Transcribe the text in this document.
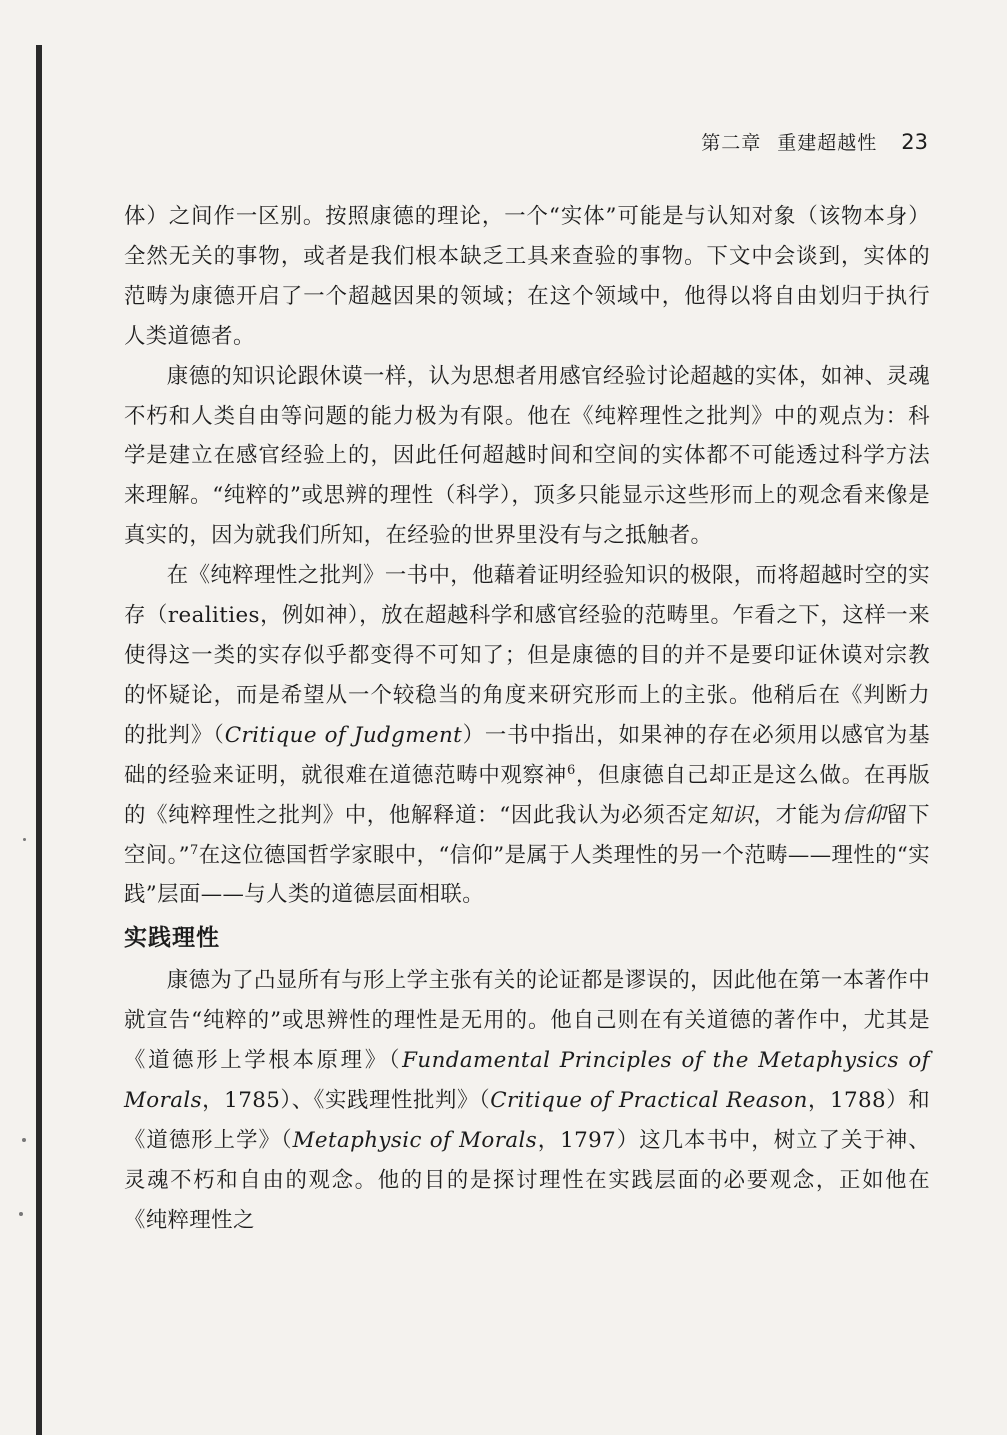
第二章 重建超越性 23

体）之间作一区别。按照康德的理论，一个“实体”可能是与认知对象（该物本身）全然无关的事物，或者是我们根本缺乏工具来查验的事物。下文中会谈到，实体的范畴为康德开启了一个超越因果的领域；在这个领域中，他得以将自由划归于执行人类道德者。

康德的知识论跟休谟一样，认为思想者用感官经验讨论超越的实体，如神、灵魂不朽和人类自由等问题的能力极为有限。他在《纯粹理性之批判》中的观点为：科学是建立在感官经验上的，因此任何超越时间和空间的实体都不可能透过科学方法来理解。“纯粹的”或思辨的理性（科学），顶多只能显示这些形而上的观念看来像是真实的，因为就我们所知，在经验的世界里没有与之抵触者。

在《纯粹理性之批判》一书中，他藉着证明经验知识的极限，而将超越时空的实存（realities，例如神），放在超越科学和感官经验的范畴里。乍看之下，这样一来使得这一类的实存似乎都变得不可知了；但是康德的目的并不是要印证休谟对宗教的怀疑论，而是希望从一个较稳当的角度来研究形而上的主张。他稍后在《判断力的批判》（Critique of Judgment）一书中指出，如果神的存在必须用以感官为基础的经验来证明，就很难在道德范畴中观察神$^6$，但康德自己却正是这么做。在再版的《纯粹理性之批判》中，他解释道：“因此我认为必须否定知识，才能为信仰留下空间。”$^7$在这位德国哲学家眼中，“信仰”是属于人类理性的另一个范畴——理性的“实践”层面——与人类的道德层面相联。

实践理性

康德为了凸显所有与形上学主张有关的论证都是谬误的，因此他在第一本著作中就宣告“纯粹的”或思辨性的理性是无用的。他自己则在有关道德的著作中，尤其是《道德形上学根本原理》（Fundamental Principles of the Metaphysics of Morals，1785）、《实践理性批判》（Critique of Practical Reason，1788）和《道德形上学》（Metaphysic of Morals，1797）这几本书中，树立了关于神、灵魂不朽和自由的观念。他的目的是探讨理性在实践层面的必要观念，正如他在《纯粹理性之
